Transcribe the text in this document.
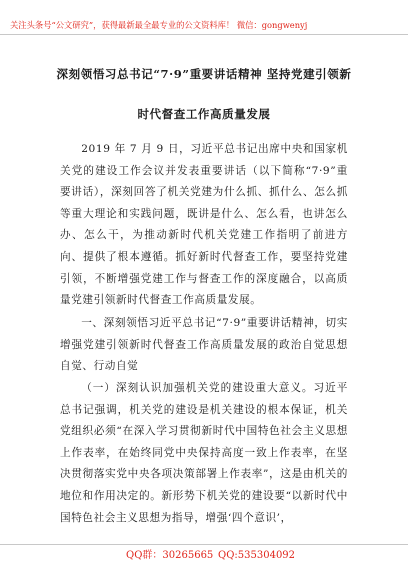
关注头条号“公文研究”，获得最新最全最专业的公文资料库！ 微信：gongwenyj
深刻领悟习总书记“7·9”重要讲话精神 坚持党建引领新
时代督查工作高质量发展

2019 年 7 月 9 日，习近平总书记出席中央和国家机关党的建设工作会议并发表重要讲话（以下简称“7·9”重要讲话），深刻回答了机关党建为什么抓、抓什么、怎么抓等重大理论和实践问题，既讲是什么、怎么看，也讲怎么办、怎么干，为推动新时代机关党建工作指明了前进方向、提供了根本遵循。抓好新时代督查工作，要坚持党建引领，不断增强党建工作与督查工作的深度融合，以高质量党建引领新时代督查工作高质量发展。

一、深刻领悟习近平总书记“7·9”重要讲话精神，切实增强党建引领新时代督查工作高质量发展的政治自觉思想自觉、行动自觉

（一）深刻认识加强机关党的建设重大意义。习近平总书记强调，机关党的建设是机关建设的根本保证，机关党组织必须“在深入学习贯彻新时代中国特色社会主义思想上作表率，在始终同党中央保持高度一致上作表率，在坚决贯彻落实党中央各项决策部署上作表率”，这是由机关的地位和作用决定的。新形势下机关党的建设要“以新时代中国特色社会主义思想为指导，增强‘四个意识’，

QQ群：30265665 QQ:535304092
